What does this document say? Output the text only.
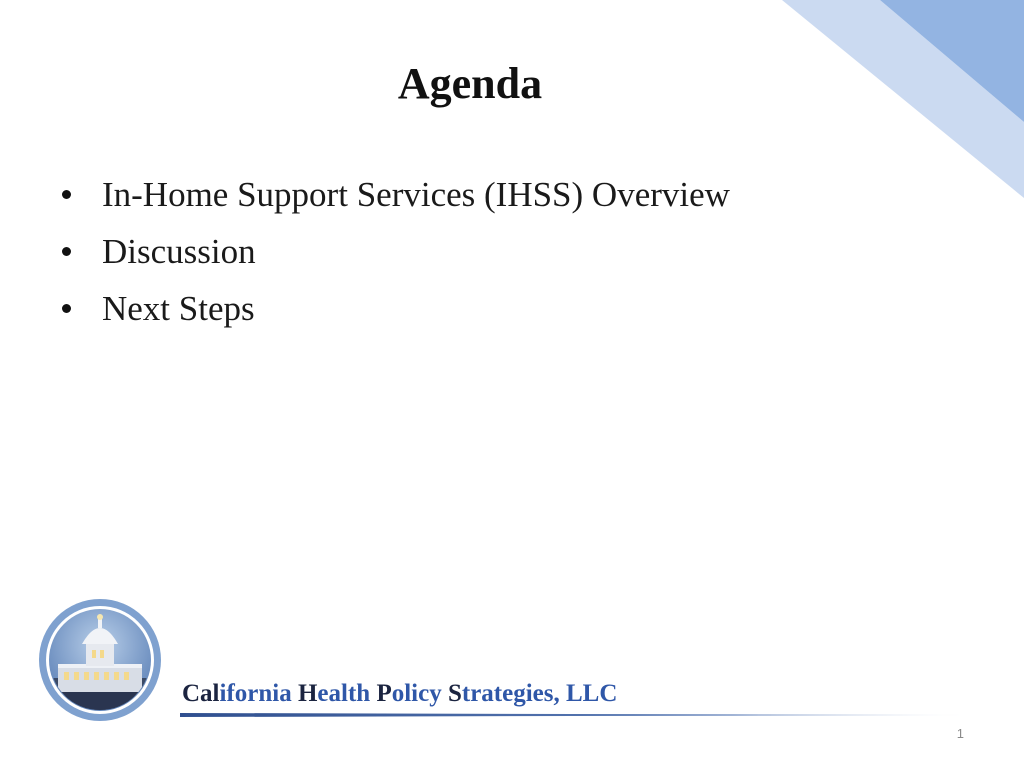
Agenda
In-Home Support Services (IHSS) Overview
Discussion
Next Steps
California Health Policy Strategies, LLC
1
